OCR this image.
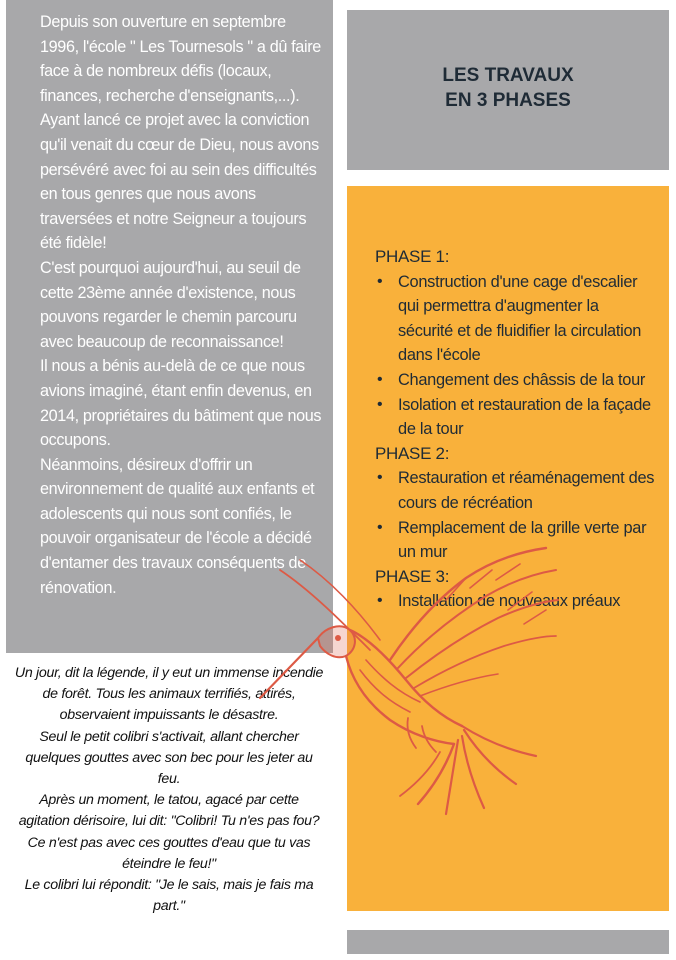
Depuis son ouverture en septembre 1996, l'école " Les Tournesols " a dû faire face à de nombreux défis (locaux, finances, recherche d'enseignants,...).

Ayant lancé ce projet avec la conviction qu'il venait du cœur de Dieu, nous avons persévéré avec foi au sein des difficultés en tous genres que nous avons traversées et notre Seigneur a toujours été fidèle!

C'est pourquoi aujourd'hui, au seuil de cette 23ème année d'existence, nous pouvons regarder le chemin parcouru avec beaucoup de reconnaissance!

Il nous a bénis au-delà de ce que nous avions imaginé, étant enfin devenus, en 2014, propriétaires du bâtiment que nous occupons.

Néanmoins, désireux d'offrir un environnement de qualité aux enfants et adolescents qui nous sont confiés, le pouvoir organisateur de l'école a décidé d'entamer des travaux conséquents de rénovation.

LES TRAVAUX
EN 3 PHASES

PHASE 1:

• Construction d'une cage d'escalier qui permettra d'augmenter la sécurité et de fluidifier la circulation dans l'école
• Changement des châssis de la tour
• Isolation et restauration de la façade de la tour

PHASE 2:

• Restauration et réaménagement des cours de récréation
• Remplacement de la grille verte par un mur

PHASE 3:

• Installation de nouveaux préaux

Un jour, dit la légende, il y eut un immense incendie de forêt. Tous les animaux terrifiés, attirés, observaient impuissants le désastre.

Seul le petit colibri s'activait, allant chercher quelques gouttes avec son bec pour les jeter au feu.

Après un moment, le tatou, agacé par cette agitation dérisoire, lui dit: "Colibri! Tu n'es pas fou? Ce n'est pas avec ces gouttes d'eau que tu vas éteindre le feu!"

Le colibri lui répondit: "Je le sais, mais je fais ma part."
